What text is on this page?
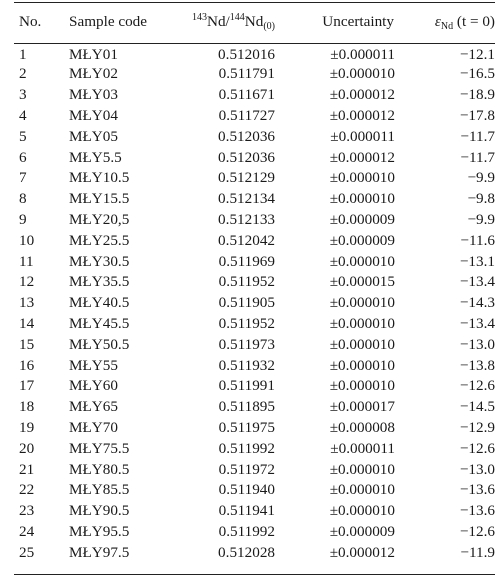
No.	Sample code	$^{143}Nd/^{144}Nd_{(0)}$	Uncertainty	$\varepsilon_{Nd}$ (t = 0)
1	MŁY01	0.512016	±0.000011	−12.1
2	MŁY02	0.511791	±0.000010	−16.5
3	MŁY03	0.511671	±0.000012	−18.9
4	MŁY04	0.511727	±0.000012	−17.8
5	MŁY05	0.512036	±0.000011	−11.7
6	MŁY5.5	0.512036	±0.000012	−11.7
7	MŁY10.5	0.512129	±0.000010	−9.9
8	MŁY15.5	0.512134	±0.000010	−9.8
9	MŁY20,5	0.512133	±0.000009	−9.9
10	MŁY25.5	0.512042	±0.000009	−11.6
11	MŁY30.5	0.511969	±0.000010	−13.1
12	MŁY35.5	0.511952	±0.000015	−13.4
13	MŁY40.5	0.511905	±0.000010	−14.3
14	MŁY45.5	0.511952	±0.000010	−13.4
15	MŁY50.5	0.511973	±0.000010	−13.0
16	MŁY55	0.511932	±0.000010	−13.8
17	MŁY60	0.511991	±0.000010	−12.6
18	MŁY65	0.511895	±0.000017	−14.5
19	MŁY70	0.511975	±0.000008	−12.9
20	MŁY75.5	0.511992	±0.000011	−12.6
21	MŁY80.5	0.511972	±0.000010	−13.0
22	MŁY85.5	0.511940	±0.000010	−13.6
23	MŁY90.5	0.511941	±0.000010	−13.6
24	MŁY95.5	0.511992	±0.000009	−12.6
25	MŁY97.5	0.512028	±0.000012	−11.9
